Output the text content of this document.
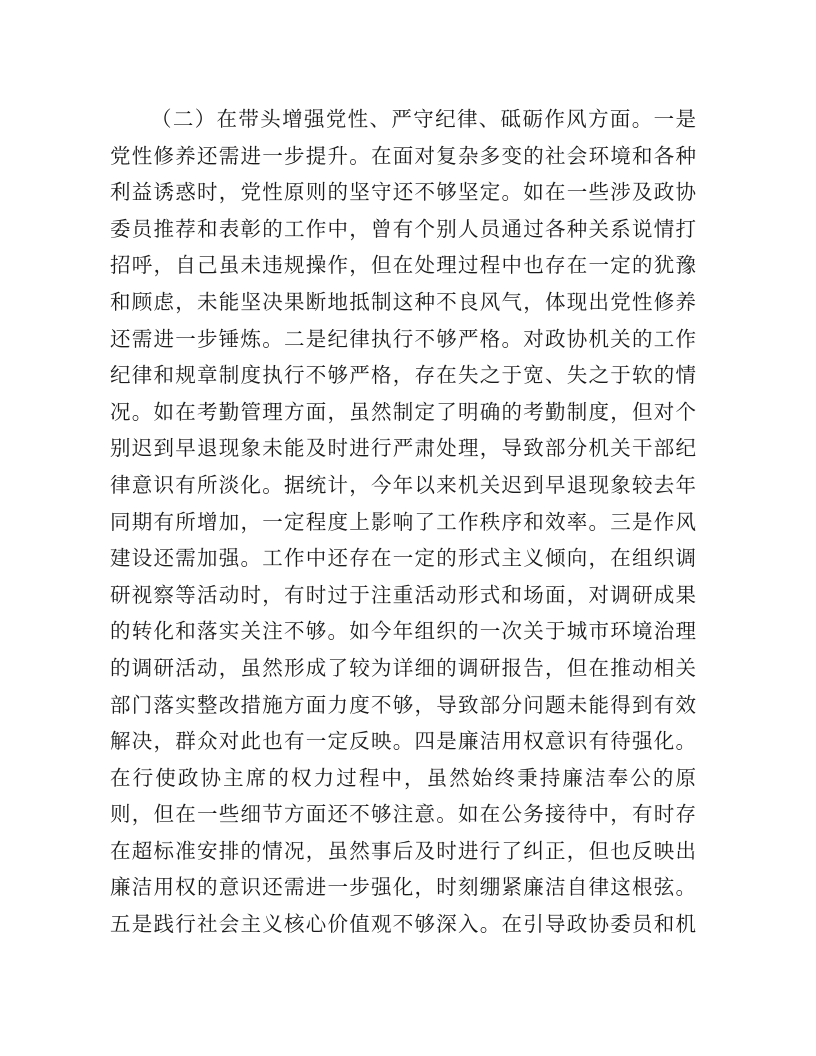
（二）在带头增强党性、严守纪律、砥砺作风方面。一是
党性修养还需进一步提升。在面对复杂多变的社会环境和各种
利益诱惑时，党性原则的坚守还不够坚定。如在一些涉及政协
委员推荐和表彰的工作中，曾有个别人员通过各种关系说情打
招呼，自己虽未违规操作，但在处理过程中也存在一定的犹豫
和顾虑，未能坚决果断地抵制这种不良风气，体现出党性修养
还需进一步锤炼。二是纪律执行不够严格。对政协机关的工作
纪律和规章制度执行不够严格，存在失之于宽、失之于软的情
况。如在考勤管理方面，虽然制定了明确的考勤制度，但对个
别迟到早退现象未能及时进行严肃处理，导致部分机关干部纪
律意识有所淡化。据统计，今年以来机关迟到早退现象较去年
同期有所增加，一定程度上影响了工作秩序和效率。三是作风
建设还需加强。工作中还存在一定的形式主义倾向，在组织调
研视察等活动时，有时过于注重活动形式和场面，对调研成果
的转化和落实关注不够。如今年组织的一次关于城市环境治理
的调研活动，虽然形成了较为详细的调研报告，但在推动相关
部门落实整改措施方面力度不够，导致部分问题未能得到有效
解决，群众对此也有一定反映。四是廉洁用权意识有待强化。
在行使政协主席的权力过程中，虽然始终秉持廉洁奉公的原
则，但在一些细节方面还不够注意。如在公务接待中，有时存
在超标准安排的情况，虽然事后及时进行了纠正，但也反映出
廉洁用权的意识还需进一步强化，时刻绷紧廉洁自律这根弦。
五是践行社会主义核心价值观不够深入。在引导政协委员和机
